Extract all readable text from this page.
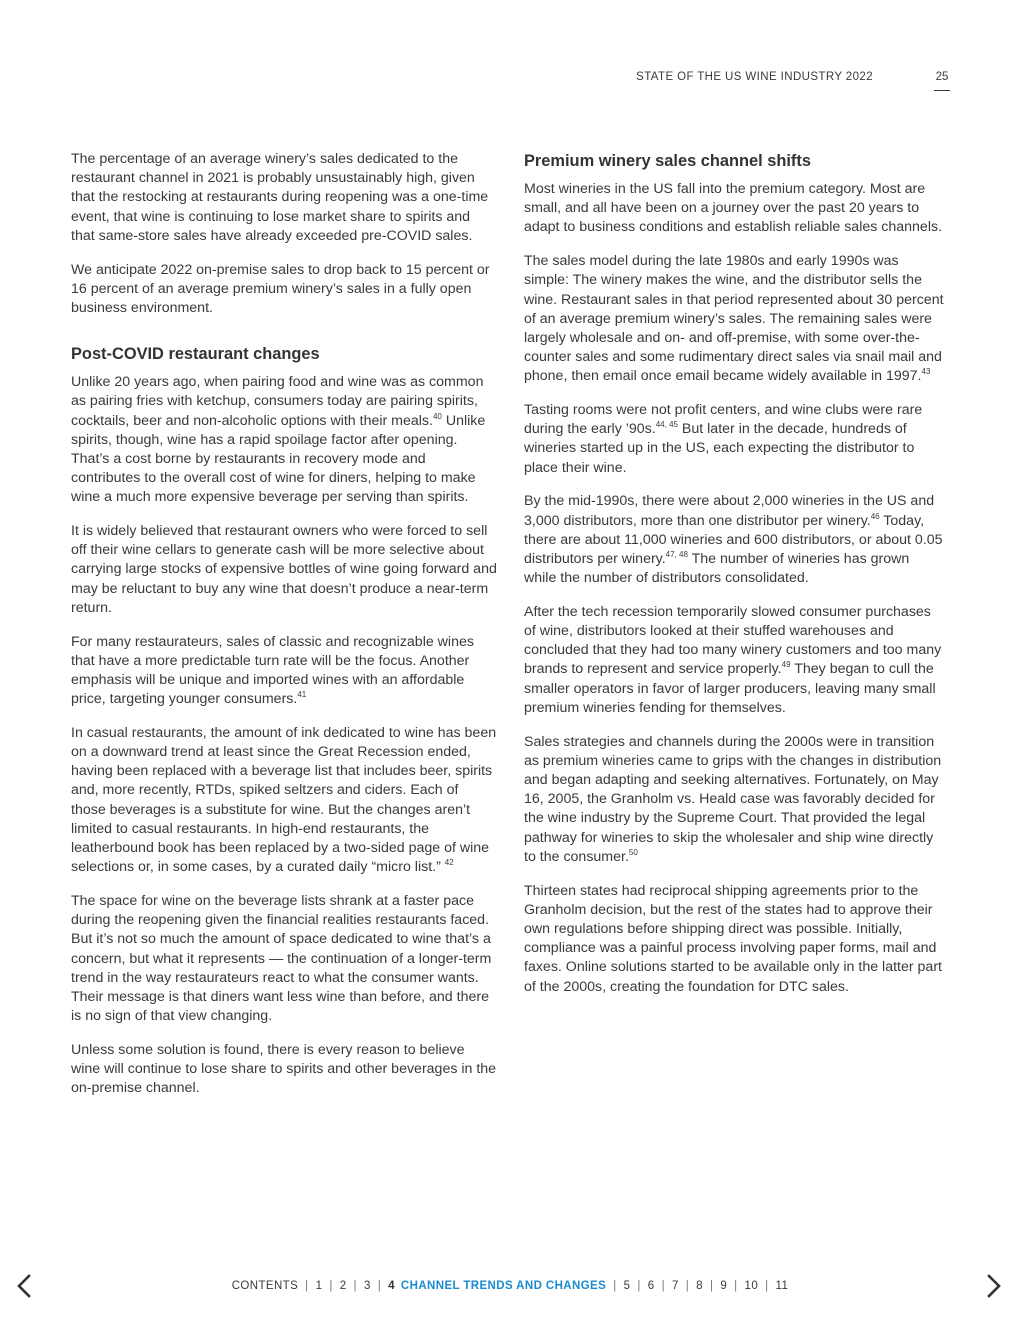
STATE OF THE US WINE INDUSTRY 2022	25

The percentage of an average winery’s sales dedicated to the restaurant channel in 2021 is probably unsustainably high, given that the restocking at restaurants during reopening was a one-time event, that wine is continuing to lose market share to spirits and that same-store sales have already exceeded pre-COVID sales.

We anticipate 2022 on-premise sales to drop back to 15 percent or 16 percent of an average premium winery’s sales in a fully open business environment.

Post-COVID restaurant changes

Unlike 20 years ago, when pairing food and wine was as common as pairing fries with ketchup, consumers today are pairing spirits, cocktails, beer and non-alcoholic options with their meals.$^{40}$ Unlike spirits, though, wine has a rapid spoilage factor after opening. That’s a cost borne by restaurants in recovery mode and contributes to the overall cost of wine for diners, helping to make wine a much more expensive beverage per serving than spirits.

It is widely believed that restaurant owners who were forced to sell off their wine cellars to generate cash will be more selective about carrying large stocks of expensive bottles of wine going forward and may be reluctant to buy any wine that doesn’t produce a near-term return.

For many restaurateurs, sales of classic and recognizable wines that have a more predictable turn rate will be the focus. Another emphasis will be unique and imported wines with an affordable price, targeting younger consumers.$^{41}$

In casual restaurants, the amount of ink dedicated to wine has been on a downward trend at least since the Great Recession ended, having been replaced with a beverage list that includes beer, spirits and, more recently, RTDs, spiked seltzers and ciders. Each of those beverages is a substitute for wine. But the changes aren’t limited to casual restaurants. In high-end restaurants, the leatherbound book has been replaced by a two-sided page of wine selections or, in some cases, by a curated daily “micro list.” $^{42}$

The space for wine on the beverage lists shrank at a faster pace during the reopening given the financial realities restaurants faced. But it’s not so much the amount of space dedicated to wine that’s a concern, but what it represents — the continuation of a longer-term trend in the way restaurateurs react to what the consumer wants. Their message is that diners want less wine than before, and there is no sign of that view changing.

Unless some solution is found, there is every reason to believe wine will continue to lose share to spirits and other beverages in the on-premise channel.

Premium winery sales channel shifts

Most wineries in the US fall into the premium category. Most are small, and all have been on a journey over the past 20 years to adapt to business conditions and establish reliable sales channels.

The sales model during the late 1980s and early 1990s was simple: The winery makes the wine, and the distributor sells the wine. Restaurant sales in that period represented about 30 percent of an average premium winery’s sales. The remaining sales were largely wholesale and on- and off-premise, with some over-the-counter sales and some rudimentary direct sales via snail mail and phone, then email once email became widely available in 1997.43

Tasting rooms were not profit centers, and wine clubs were rare during the early ’90s.$^{44, 45}$ But later in the decade, hundreds of wineries started up in the US, each expecting the distributor to place their wine.

By the mid-1990s, there were about 2,000 wineries in the US and 3,000 distributors, more than one distributor per winery.$^{46}$ Today, there are about 11,000 wineries and 600 distributors, or about 0.05 distributors per winery.$^{47, 48}$ The number of wineries has grown while the number of distributors consolidated.

After the tech recession temporarily slowed consumer purchases of wine, distributors looked at their stuffed warehouses and concluded that they had too many winery customers and too many brands to represent and service properly.$^{49}$ They began to cull the smaller operators in favor of larger producers, leaving many small premium wineries fending for themselves.

Sales strategies and channels during the 2000s were in transition as premium wineries came to grips with the changes in distribution and began adapting and seeking alternatives. Fortunately, on May 16, 2005, the Granholm vs. Heald case was favorably decided for the wine industry by the Supreme Court. That provided the legal pathway for wineries to skip the wholesaler and ship wine directly to the consumer.$^{50}$

Thirteen states had reciprocal shipping agreements prior to the Granholm decision, but the rest of the states had to approve their own regulations before shipping direct was possible. Initially, compliance was a painful process involving paper forms, mail and faxes. Online solutions started to be available only in the latter part of the 2000s, creating the foundation for DTC sales.

CONTENTS | 1 | 2 | 3 | 4 CHANNEL TRENDS AND CHANGES | 5 | 6 | 7 | 8 | 9 | 10 | 11
